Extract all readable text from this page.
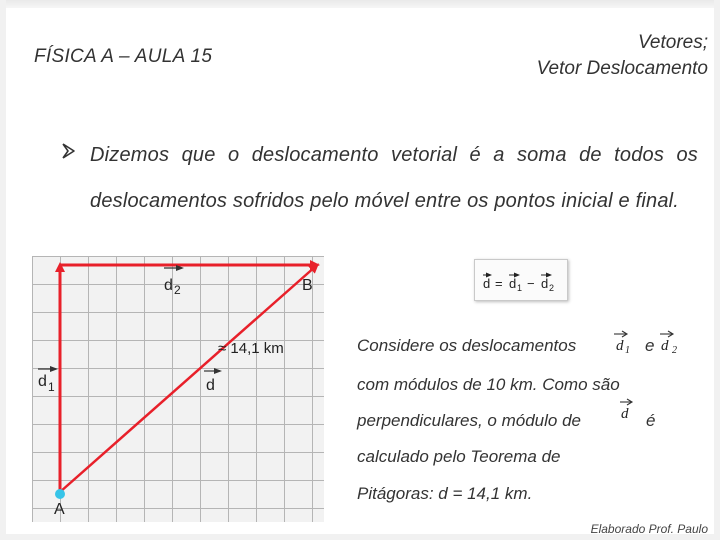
FÍSICA A – AULA 15
Vetores;
Vetor Deslocamento
Dizemos que o deslocamento vetorial é a soma de todos os deslocamentos sofridos pelo móvel entre os pontos inicial e final.
d 2	B
≈ 14,1 km
d 1	d
A
d = d 1 − d 2
Considere os deslocamentos	d 1 e d 2
com módulos de 10 km. Como são
perpendiculares, o módulo de	d é
calculado pelo Teorema de
Pitágoras: d = 14,1 km.
Elaborado Prof. Paulo
